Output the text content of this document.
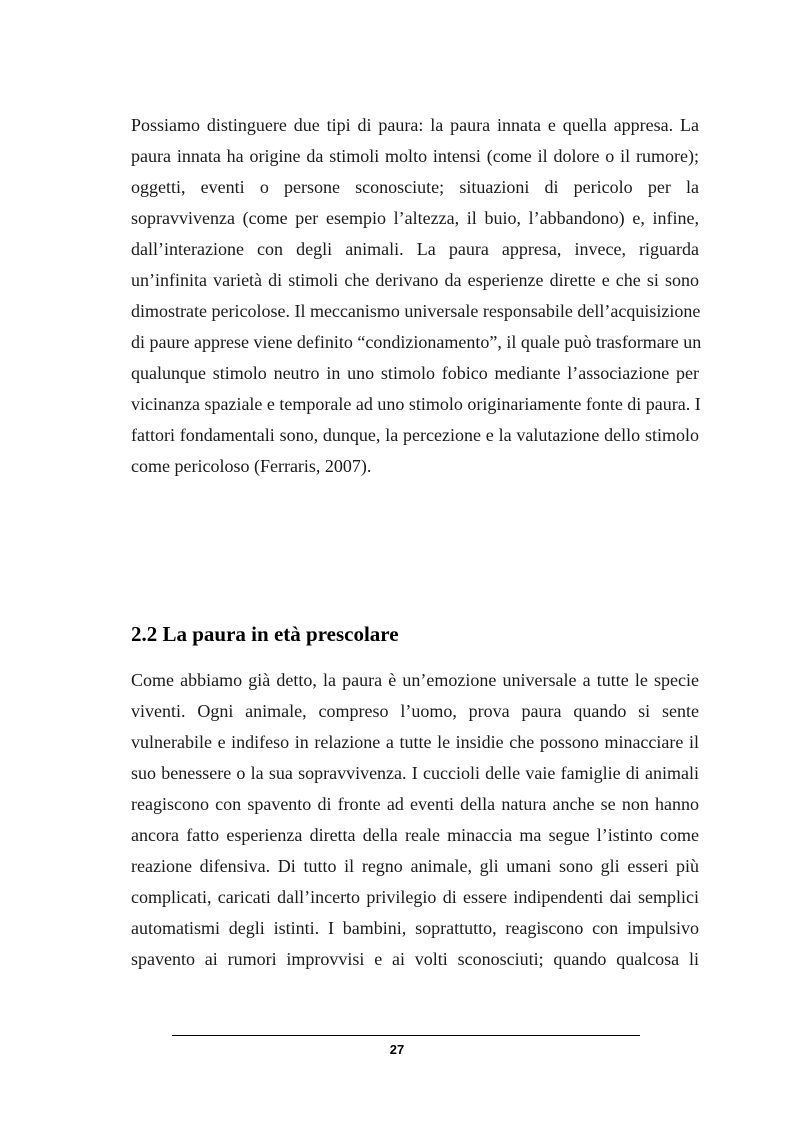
Possiamo distinguere due tipi di paura: la paura innata e quella appresa. La
paura innata ha origine da stimoli molto intensi (come il dolore o il rumore);
oggetti, eventi o persone sconosciute; situazioni di pericolo per la
sopravvivenza (come per esempio l’altezza, il buio, l’abbandono) e, infine,
dall’interazione con degli animali. La paura appresa, invece, riguarda
un’infinita varietà di stimoli che derivano da esperienze dirette e che si sono
dimostrate pericolose. Il meccanismo universale responsabile dell’acquisizione
di paure apprese viene definito “condizionamento”, il quale può trasformare un
qualunque stimolo neutro in uno stimolo fobico mediante l’associazione per
vicinanza spaziale e temporale ad uno stimolo originariamente fonte di paura. I
fattori fondamentali sono, dunque, la percezione e la valutazione dello stimolo
come pericoloso (Ferraris, 2007).
2.2 La paura in età prescolare
Come abbiamo già detto, la paura è un’emozione universale a tutte le specie
viventi. Ogni animale, compreso l’uomo, prova paura quando si sente
vulnerabile e indifeso in relazione a tutte le insidie che possono minacciare il
suo benessere o la sua sopravvivenza. I cuccioli delle vaie famiglie di animali
reagiscono con spavento di fronte ad eventi della natura anche se non hanno
ancora fatto esperienza diretta della reale minaccia ma segue l’istinto come
reazione difensiva. Di tutto il regno animale, gli umani sono gli esseri più
complicati, caricati dall’incerto privilegio di essere indipendenti dai semplici
automatismi degli istinti. I bambini, soprattutto, reagiscono con impulsivo
spavento ai rumori improvvisi e ai volti sconosciuti; quando qualcosa li
27
